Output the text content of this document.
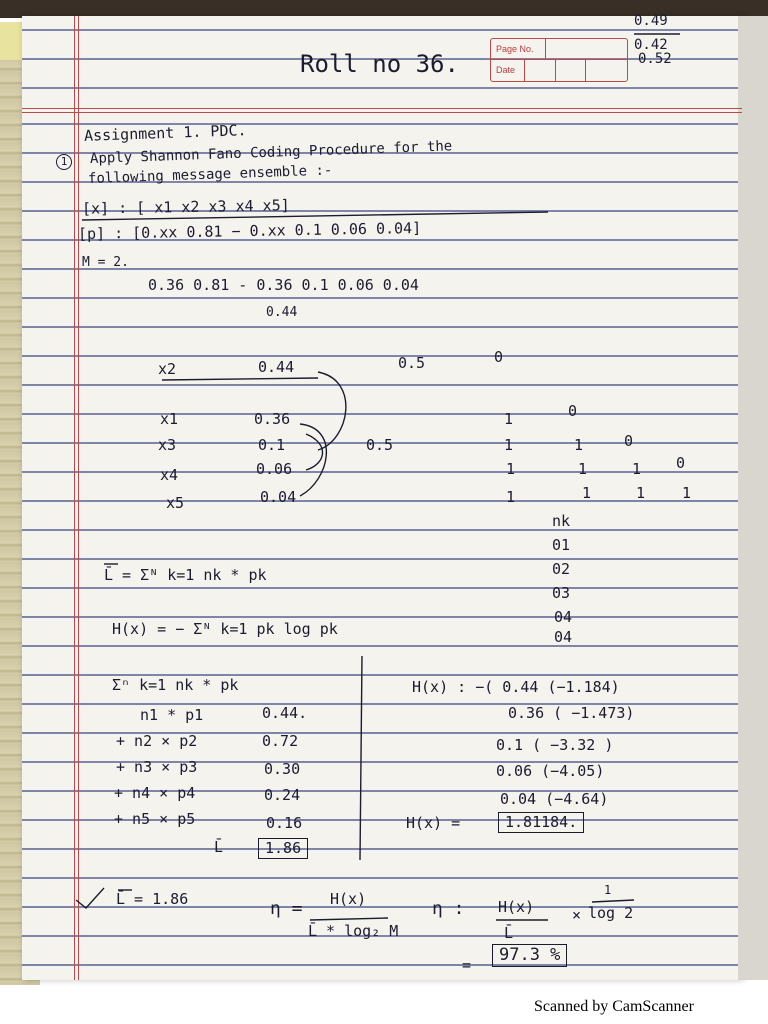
Page No.
Date
Roll no 36.
0.49
0.42
0.52
Assignment 1. PDC.
1	Apply Shannon Fano Coding Procedure for the
following message ensemble :-
[x] : [ x1 x2 x3 x4 x5]
[p] : [0.xx 0.81 − 0.xx 0.1 0.06 0.04]
M = 2.
0.36 0.81 - 0.36 0.1 0.06 0.04
0.44
x2	0.44	0.5	0
x1	0.36	1	0
x3	0.1	0.5	1	1	0
x4	0.06	1	1	1 0
x5	0.04	1	1	1 1
nk
01
02
03
04
04
L̄ = Σᴺ k=1 nk * pk
H(x) = − Σᴺ k=1 pk log pk
Σⁿ k=1 nk * pk
n1 * p1	0.44.
+ n2 × p2	0.72
+ n3 × p3	0.30
+ n4 × p4	0.24
+ n5 × p5	0.16
L̄	1.86
H(x) : −( 0.44 (−1.184)
0.36 ( −1.473)
0.1 ( −3.32 )
0.06 (−4.05)
0.04 (−4.64)
H(x) =	1.81184.
L̄ = 1.86	η = H(x)
L̄ * log₂ M
η : H(x)
L̄
×
1
log 2
=	97.3 %
Scanned by CamScanner
